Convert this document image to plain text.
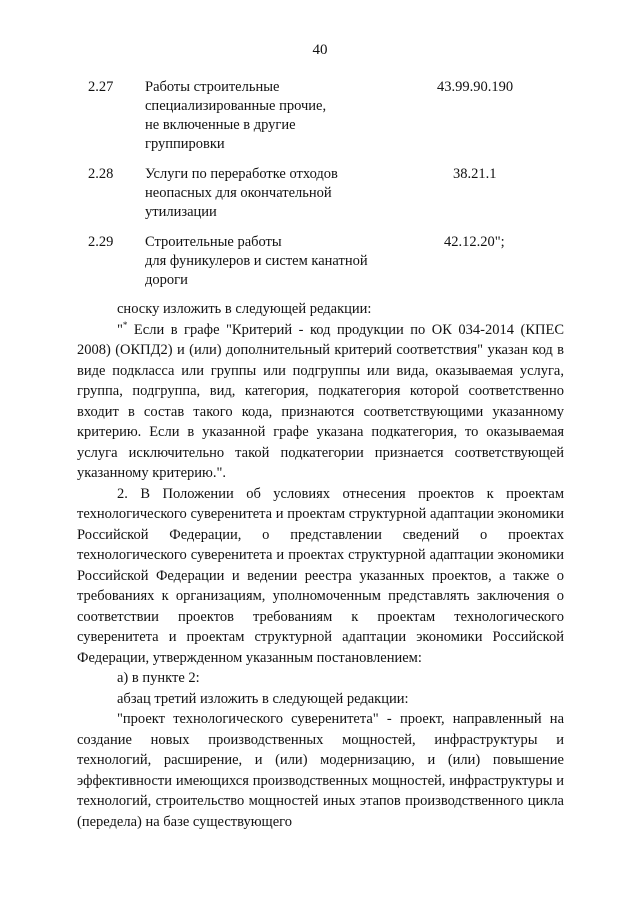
40
2.27 Работы строительные
специализированные прочие,
не включенные в другие
группировки
43.99.90.190
2.28 Услуги по переработке отходов
неопасных для окончательной
утилизации
38.21.1
2.29 Строительные работы
для фуникулеров и систем канатной
дороги
42.12.20";

сноску изложить в следующей редакции:

"* Если в графе "Критерий - код продукции по ОК 034-2014 (КПЕС 2008) (ОКПД2) и (или) дополнительный критерий соответствия" указан код в виде подкласса или группы или подгруппы или вида, оказываемая услуга, группа, подгруппа, вид, категория, подкатегория которой соответственно входит в состав такого кода, признаются соответствующими указанному критерию. Если в указанной графе указана подкатегория, то оказываемая услуга исключительно такой подкатегории признается соответствующей указанному критерию.".

2. В Положении об условиях отнесения проектов к проектам технологического суверенитета и проектам структурной адаптации экономики Российской Федерации, о представлении сведений о проектах технологического суверенитета и проектах структурной адаптации экономики Российской Федерации и ведении реестра указанных проектов, а также о требованиях к организациям, уполномоченным представлять заключения о соответствии проектов требованиям к проектам технологического суверенитета и проектам структурной адаптации экономики Российской Федерации, утвержденном указанным постановлением:

а) в пункте 2:

абзац третий изложить в следующей редакции:

"проект технологического суверенитета" - проект, направленный на создание новых производственных мощностей, инфраструктуры и технологий, расширение, и (или) модернизацию, и (или) повышение эффективности имеющихся производственных мощностей, инфраструктуры и технологий, строительство мощностей иных этапов производственного цикла (передела) на базе существующего
